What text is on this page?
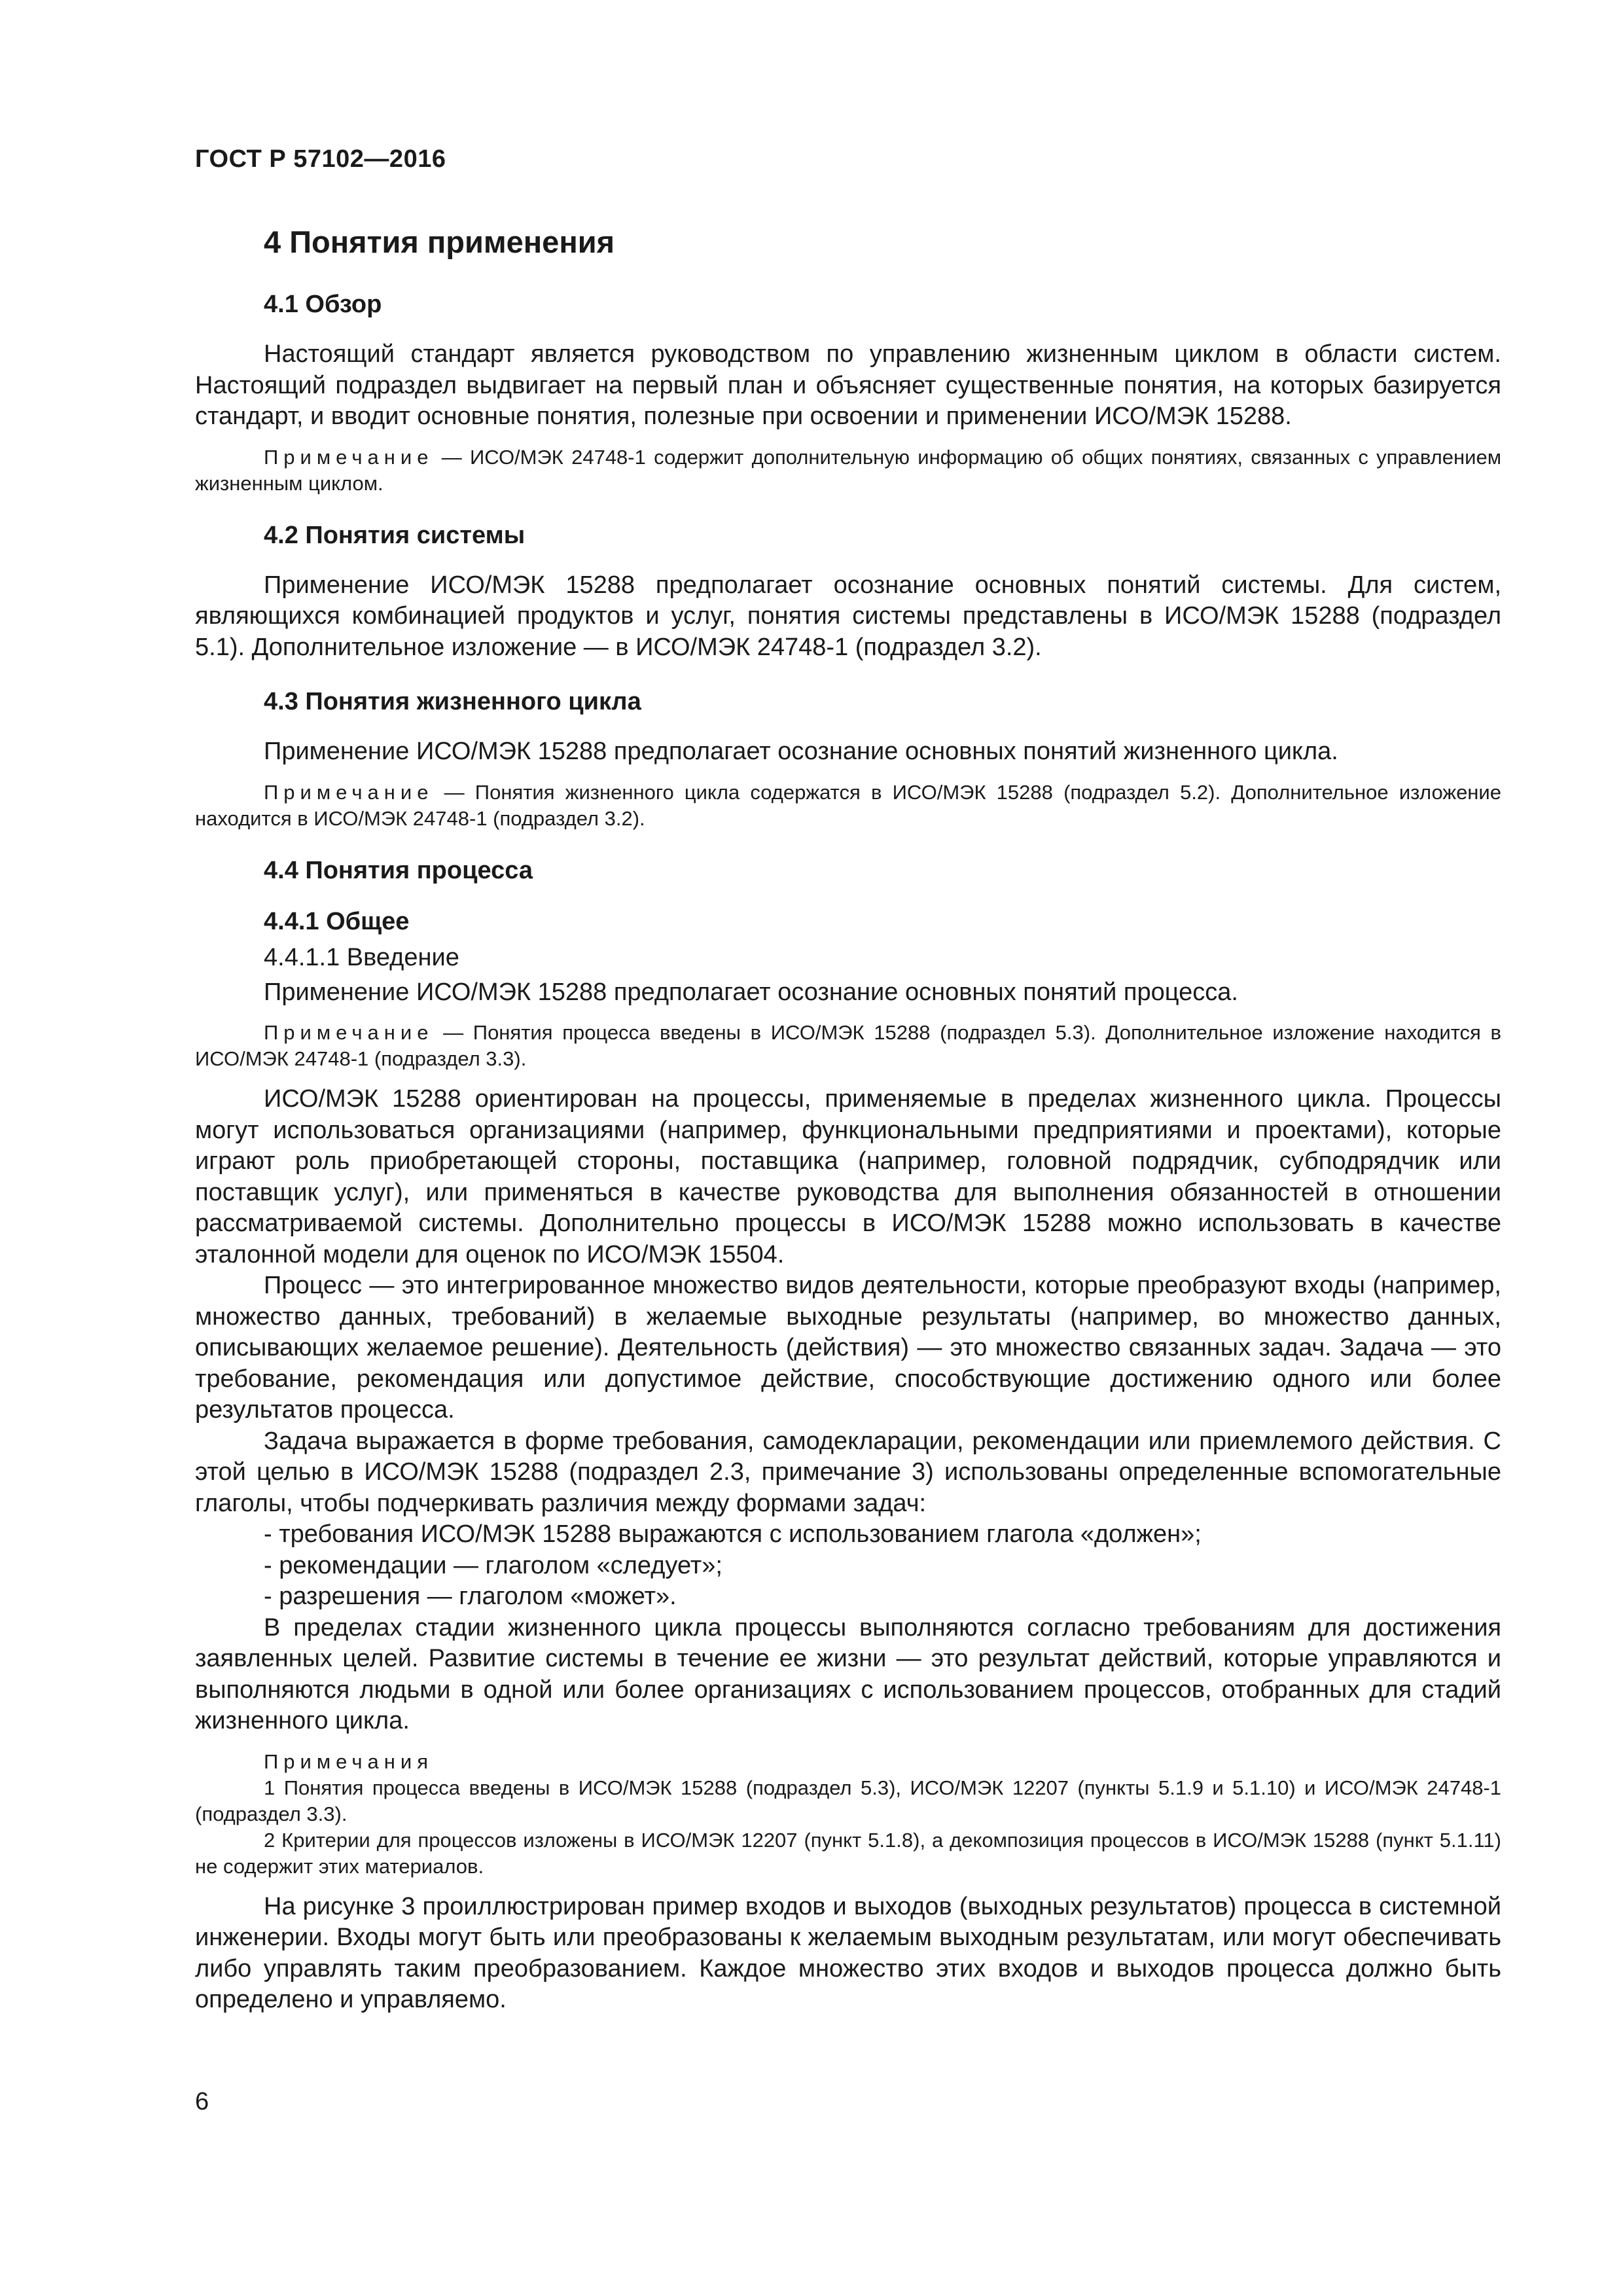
ГОСТ Р 57102—2016
4 Понятия применения
4.1 Обзор

Настоящий стандарт является руководством по управлению жизненным циклом в области систем. Настоящий подраздел выдвигает на первый план и объясняет существенные понятия, на которых базируется стандарт, и вводит основные понятия, полезные при освоении и применении ИСО/МЭК 15288.

Примечание — ИСО/МЭК 24748-1 содержит дополнительную информацию об общих понятиях, связанных с управлением жизненным циклом.

4.2 Понятия системы

Применение ИСО/МЭК 15288 предполагает осознание основных понятий системы. Для систем, являющихся комбинацией продуктов и услуг, понятия системы представлены в ИСО/МЭК 15288 (подраздел 5.1). Дополнительное изложение — в ИСО/МЭК 24748-1 (подраздел 3.2).

4.3 Понятия жизненного цикла

Применение ИСО/МЭК 15288 предполагает осознание основных понятий жизненного цикла.

Примечание — Понятия жизненного цикла содержатся в ИСО/МЭК 15288 (подраздел 5.2). Дополнительное изложение находится в ИСО/МЭК 24748-1 (подраздел 3.2).

4.4 Понятия процесса
4.4.1 Общее
4.4.1.1 Введение

Применение ИСО/МЭК 15288 предполагает осознание основных понятий процесса.

Примечание — Понятия процесса введены в ИСО/МЭК 15288 (подраздел 5.3). Дополнительное изложение находится в ИСО/МЭК 24748-1 (подраздел 3.3).

ИСО/МЭК 15288 ориентирован на процессы, применяемые в пределах жизненного цикла. Процессы могут использоваться организациями (например, функциональными предприятиями и проектами), которые играют роль приобретающей стороны, поставщика (например, головной подрядчик, субподрядчик или поставщик услуг), или применяться в качестве руководства для выполнения обязанностей в отношении рассматриваемой системы. Дополнительно процессы в ИСО/МЭК 15288 можно использовать в качестве эталонной модели для оценок по ИСО/МЭК 15504.

Процесс — это интегрированное множество видов деятельности, которые преобразуют входы (например, множество данных, требований) в желаемые выходные результаты (например, во множество данных, описывающих желаемое решение). Деятельность (действия) — это множество связанных задач. Задача — это требование, рекомендация или допустимое действие, способствующие достижению одного или более результатов процесса.

Задача выражается в форме требования, самодекларации, рекомендации или приемлемого действия. С этой целью в ИСО/МЭК 15288 (подраздел 2.3, примечание 3) использованы определенные вспомогательные глаголы, чтобы подчеркивать различия между формами задач:

- требования ИСО/МЭК 15288 выражаются с использованием глагола «должен»;
- рекомендации — глаголом «следует»;
- разрешения — глаголом «может».

В пределах стадии жизненного цикла процессы выполняются согласно требованиям для достижения заявленных целей. Развитие системы в течение ее жизни — это результат действий, которые управляются и выполняются людьми в одной или более организациях с использованием процессов, отобранных для стадий жизненного цикла.

Примечания

1 Понятия процесса введены в ИСО/МЭК 15288 (подраздел 5.3), ИСО/МЭК 12207 (пункты 5.1.9 и 5.1.10) и ИСО/МЭК 24748-1 (подраздел 3.3).

2 Критерии для процессов изложены в ИСО/МЭК 12207 (пункт 5.1.8), а декомпозиция процессов в ИСО/МЭК 15288 (пункт 5.1.11) не содержит этих материалов.

На рисунке 3 проиллюстрирован пример входов и выходов (выходных результатов) процесса в системной инженерии. Входы могут быть или преобразованы к желаемым выходным результатам, или могут обеспечивать либо управлять таким преобразованием. Каждое множество этих входов и выходов процесса должно быть определено и управляемо.

6
